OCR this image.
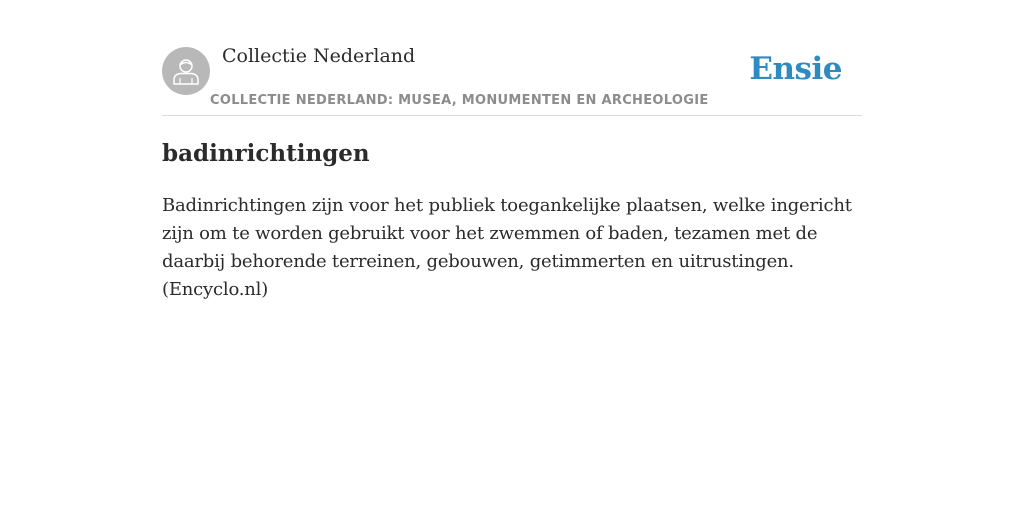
Collectie Nederland
COLLECTIE NEDERLAND: MUSEA, MONUMENTEN EN ARCHEOLOGIE
Ensie
badinrichtingen

Badinrichtingen zijn voor het publiek toegankelijke plaatsen, welke ingericht zijn om te worden gebruikt voor het zwemmen of baden, tezamen met de daarbij behorende terreinen, gebouwen, getimmerten en uitrustingen. (Encyclo.nl)
